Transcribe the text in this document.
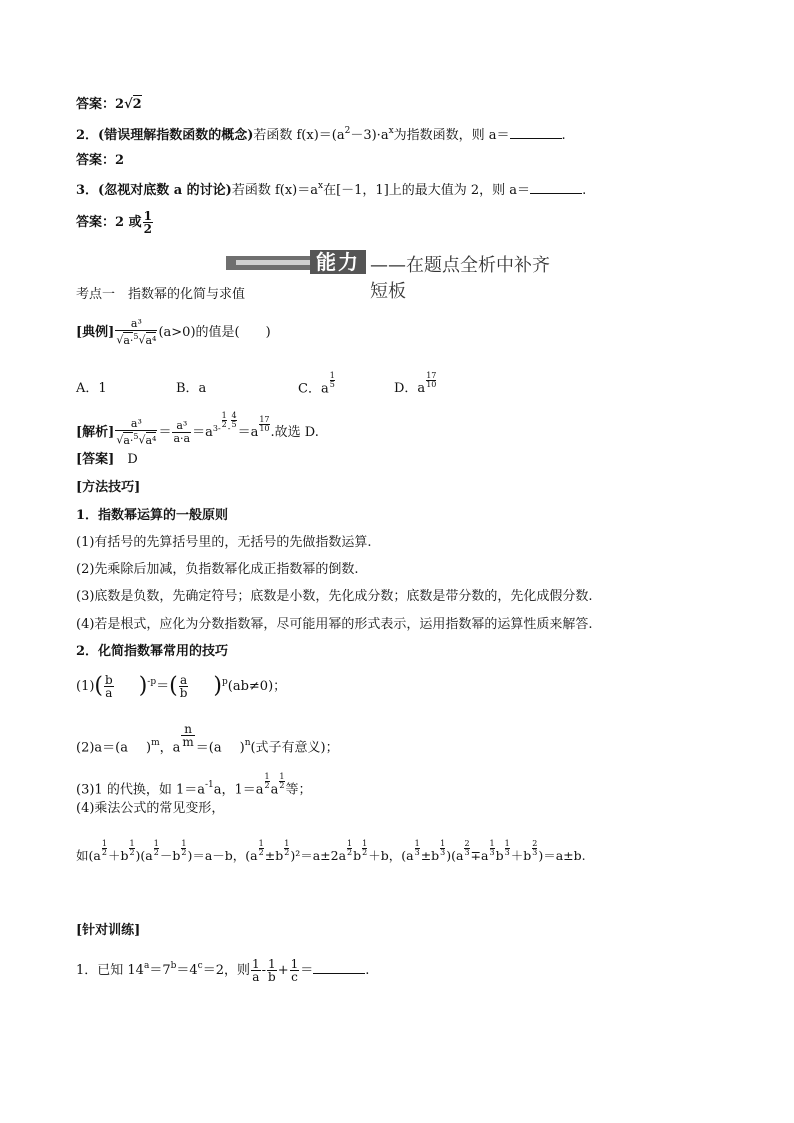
答案：2√2
2．(错误理解指数函数的概念)若函数 $f(x)=(a^2-3)\cdot a^x$为指数函数，则 a＝	.
答案：2
3．(忽视对底数 a 的讨论)若函数 $f(x)=a^x$在[－1，1]上的最大值为 2，则 a＝	.
答案：2 或 $\frac{1}{2}$
能力 ——在题点全析中补齐短板
考点一　指数幂的化简与求值
[典例] $\frac{\text{a³}}{√a\cdot^5√a^4} (a>0)$的值是(　　)
A．1	B．a	C．a $\frac{1}{5}$	D．a $\frac{17}{10}$
[解析] $\frac{\text{a³}}{√a\cdot^5√a^4} = \frac{\text{a³}}{a\cdot a} =a^{3- \frac{1}{2} - \frac{4}{5}}$
$=a \frac{17}{10}$ .故选 D.
[答案]　 D
[方法技巧]
1．指数幂运算的一般原则
(1)有括号的先算括号里的，无括号的先做指数运算.
(2)先乘除后加减，负指数幂化成正指数幂的倒数.
(3)底数是负数，先确定符号；底数是小数，先化成分数；底数是带分数的，先化成假分数.
(4)若是根式，应化为分数指数幂，尽可能用幂的形式表示，运用指数幂的运算性质来解答.
2．化简指数幂常用的技巧
$(1)( \frac{b}{a} )^{-p}=( \frac{a}{b} )^p(ab\ne 0)$；
(2)a＝(a )$^m$，a $\frac{n}{m} =(a$ )$^n$(式子有意义)；
(3)1 的代换，如 $1=a^{-1}a$，$1=a \frac{1}{2}$ a $\frac{1}{2}$ 等；
(4)乘法公式的常见变形，
如$(a \frac{1}{2} +b \frac{1}{2} )(a \frac{1}{2} -b \frac{1}{2} )=a-b$，$(a \frac{1}{2} \pm b \frac{1}{2} )^2=a\pm 2a \frac{1}{2}$ b $\frac{1}{2} +b$，$(a \frac{1}{3} \pm b \frac{1}{3} )(a \frac{2}{3} \mp a \frac{1}{3}$ b $\frac{1}{3} +b \frac{2}{3} )=a\pm b$.
[针对训练]
1．已知 $14^a=7^b=4^c=2$，则 $\frac{1}{a} - \frac{1}{b} + \frac{1}{c}$ ＝	.
